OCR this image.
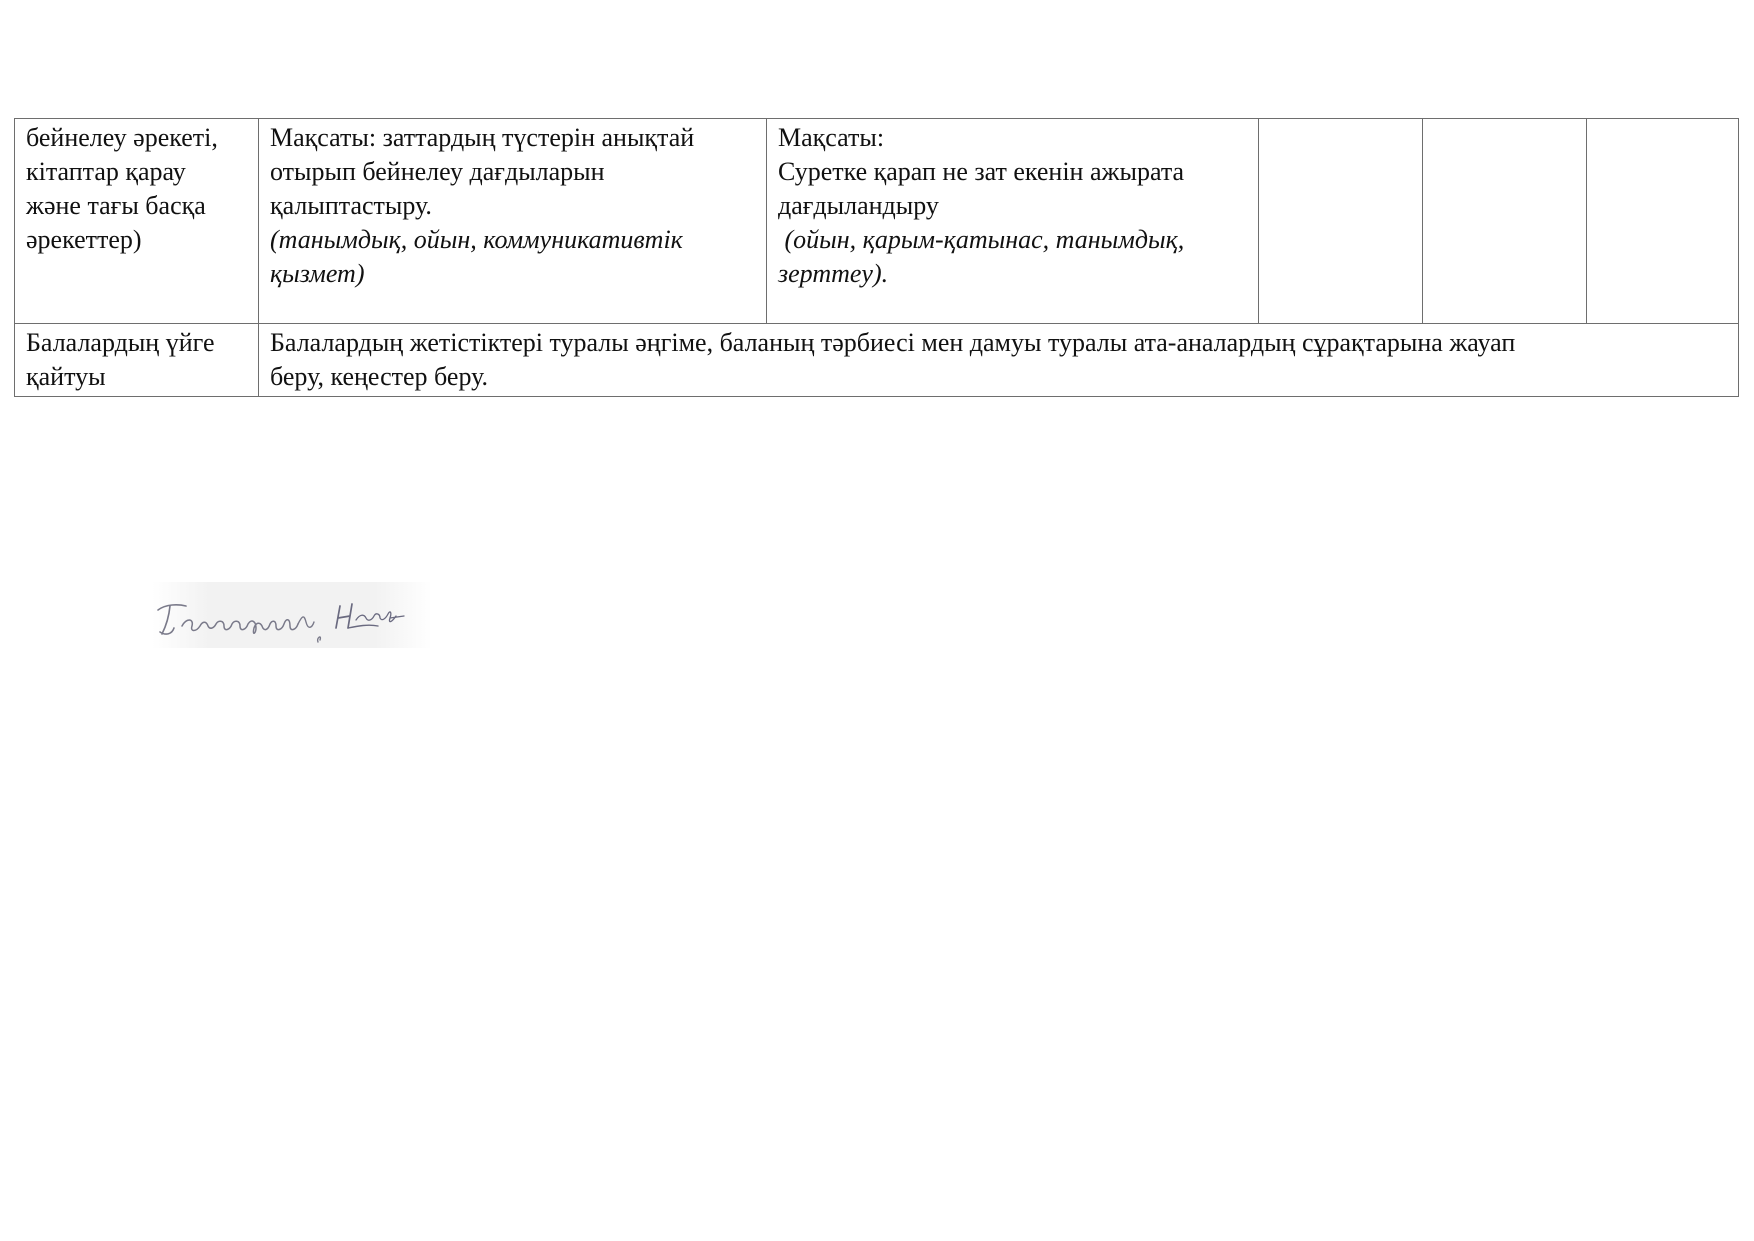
бейнелеу әрекеті,
кітаптар қарау
және тағы басқа
әрекеттер)	Мақсаты: заттардың түстерін анықтай
отырып бейнелеу дағдыларын
қалыптастыру.
(танымдық, ойын, коммуникативтік
қызмет)	Мақсаты:
Суретке қарап не зат екенін ажырата
дағдыландыру
(ойын, қарым-қатынас, танымдық,
зерттеу).			

Балалардың үйге
қайтуы	Балалардың жетістіктері туралы әңгіме, баланың тәрбиесі мен дамуы туралы ата-аналардың сұрақтарына жауап
беру, кеңестер беру.				
